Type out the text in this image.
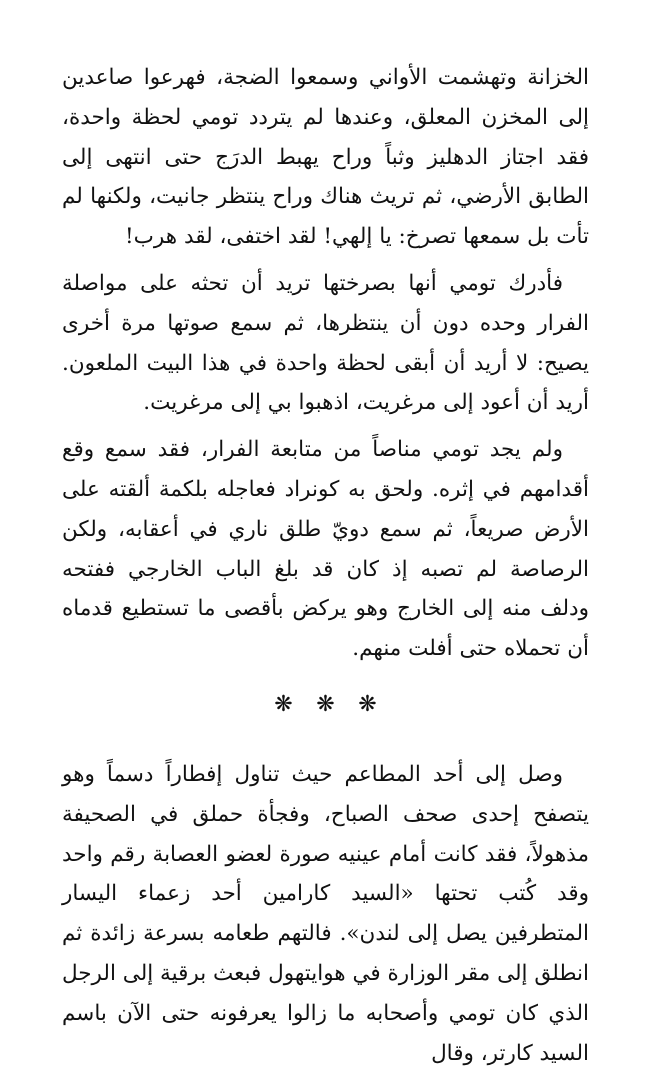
الخزانة وتهشمت الأواني وسمعوا الضجة، فهرعوا صاعدين إلى المخزن المعلق، وعندها لم يتردد تومي لحظة واحدة، فقد اجتاز الدهليز وثباً وراح يهبط الدرَج حتى انتهى إلى الطابق الأرضي، ثم تريث هناك وراح ينتظر جانيت، ولكنها لم تأت بل سمعها تصرخ: يا إلهي! لقد اختفى، لقد هرب!

فأدرك تومي أنها بصرختها تريد أن تحثه على مواصلة الفرار وحده دون أن ينتظرها، ثم سمع صوتها مرة أخرى يصيح: لا أريد أن أبقى لحظة واحدة في هذا البيت الملعون. أريد أن أعود إلى مرغريت، اذهبوا بي إلى مرغريت.

ولم يجد تومي مناصاً من متابعة الفرار، فقد سمع وقع أقدامهم في إثره. ولحق به كونراد فعاجله بلكمة ألقته على الأرض صريعاً، ثم سمع دويّ طلق ناري في أعقابه، ولكن الرصاصة لم تصبه إذ كان قد بلغ الباب الخارجي ففتحه ودلف منه إلى الخارج وهو يركض بأقصى ما تستطيع قدماه أن تحملاه حتى أفلت منهم.

❋ ❋ ❋

وصل إلى أحد المطاعم حيث تناول إفطاراً دسماً وهو يتصفح إحدى صحف الصباح، وفجأة حملق في الصحيفة مذهولاً، فقد كانت أمام عينيه صورة لعضو العصابة رقم واحد وقد كُتب تحتها «السيد كارامين أحد زعماء اليسار المتطرفين يصل إلى لندن». فالتهم طعامه بسرعة زائدة ثم انطلق إلى مقر الوزارة في هوايتهول فبعث برقية إلى الرجل الذي كان تومي وأصحابه ما زالوا يعرفونه حتى الآن باسم السيد كارتر، وقال
